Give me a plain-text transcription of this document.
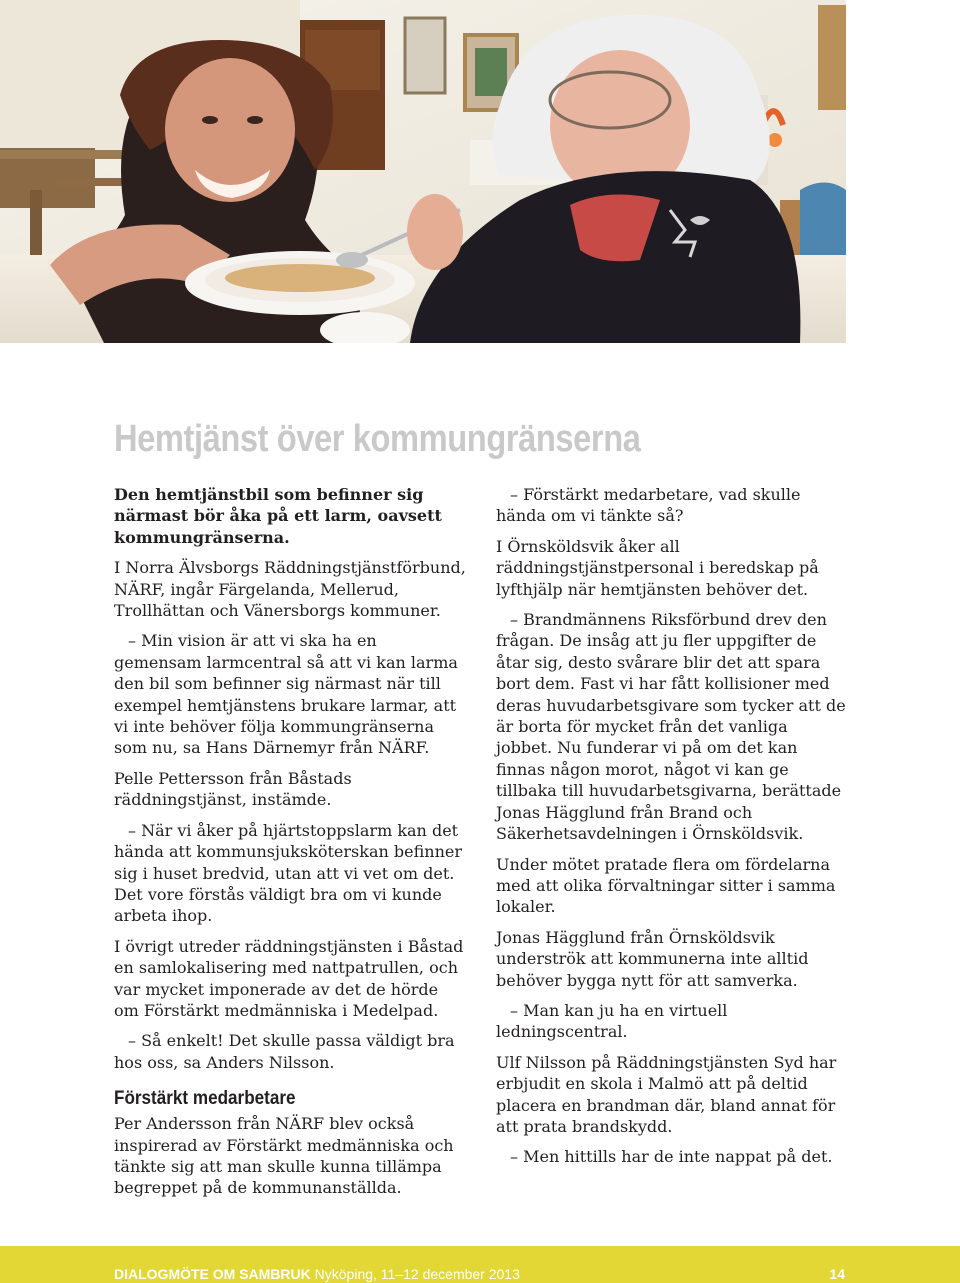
Hemtjänst över kommungränserna

Den hemtjänstbil som befinner sig närmast bör åka på ett larm, oavsett kommungränserna.

I Norra Älvsborgs Räddningstjänstförbund, NÄRF, ingår Färgelanda, Mellerud, Trollhättan och Vänersborgs kommuner.

– Min vision är att vi ska ha en gemensam larmcentral så att vi kan larma den bil som befinner sig närmast när till exempel hemtjänstens brukare larmar, att vi inte behöver följa kommungränserna som nu, sa Hans Därnemyr från NÄRF.

Pelle Pettersson från Båstads räddningstjänst, instämde.

– När vi åker på hjärtstoppslarm kan det hända att kommunsjuksköterskan befinner sig i huset bredvid, utan att vi vet om det. Det vore förstås väldigt bra om vi kunde arbeta ihop.

I övrigt utreder räddningstjänsten i Båstad en samlokalisering med nattpatrullen, och var mycket imponerade av det de hörde om Förstärkt medmänniska i Medelpad.

– Så enkelt! Det skulle passa väldigt bra hos oss, sa Anders Nilsson.

Förstärkt medarbetare

Per Andersson från NÄRF blev också inspirerad av Förstärkt medmänniska och tänkte sig att man skulle kunna tillämpa begreppet på de kommunanställda.

– Förstärkt medarbetare, vad skulle hända om vi tänkte så?

I Örnsköldsvik åker all räddningstjänstpersonal i beredskap på lyfthjälp när hemtjänsten behöver det.

– Brandmännens Riksförbund drev den frågan. De insåg att ju fler uppgifter de åtar sig, desto svårare blir det att spara bort dem. Fast vi har fått kollisioner med deras huvudarbetsgivare som tycker att de är borta för mycket från det vanliga jobbet. Nu funderar vi på om det kan finnas någon morot, något vi kan ge tillbaka till huvudarbetsgivarna, berättade Jonas Hägglund från Brand och Säkerhetsavdelningen i Örnsköldsvik.

Under mötet pratade flera om fördelarna med att olika förvaltningar sitter i samma lokaler.

Jonas Hägglund från Örnsköldsvik underströk att kommunerna inte alltid behöver bygga nytt för att samverka.

– Man kan ju ha en virtuell ledningscentral.

Ulf Nilsson på Räddningstjänsten Syd har erbjudit en skola i Malmö att på deltid placera en brandman där, bland annat för att prata brandskydd.

– Men hittills har de inte nappat på det.

DIALOGMÖTE OM SAMBRUK Nyköping, 11–12 december 2013	14
